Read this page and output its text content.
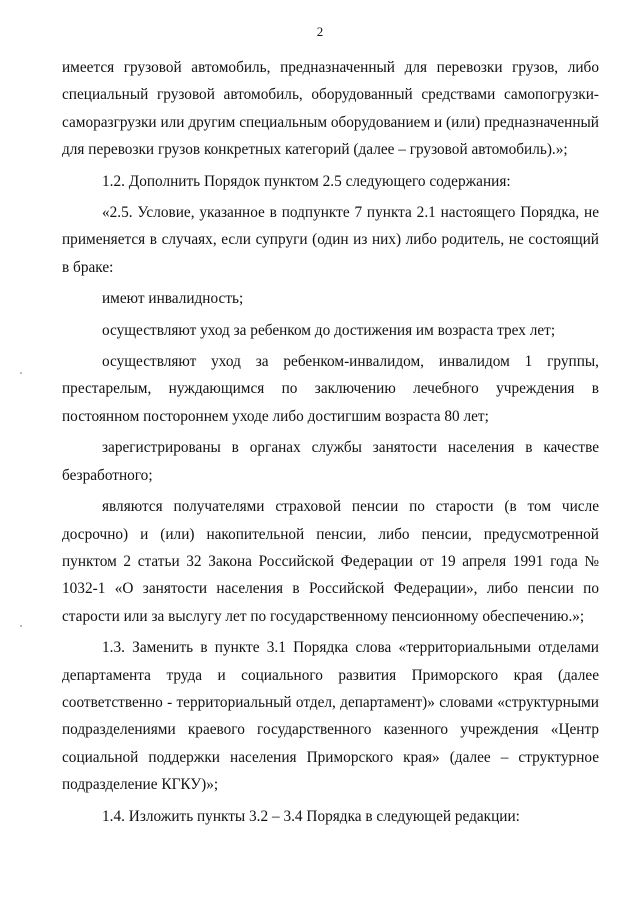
2

имеется грузовой автомобиль, предназначенный для перевозки грузов, либо специальный грузовой автомобиль, оборудованный средствами самопогрузки-саморазгрузки или другим специальным оборудованием и (или) предназначенный для перевозки грузов конкретных категорий (далее – грузовой автомобиль).»;

1.2. Дополнить Порядок пунктом 2.5 следующего содержания:

«2.5. Условие, указанное в подпункте 7 пункта 2.1 настоящего Порядка, не применяется в случаях, если супруги (один из них) либо родитель, не состоящий в браке:

имеют инвалидность;

осуществляют уход за ребенком до достижения им возраста трех лет;

осуществляют уход за ребенком-инвалидом, инвалидом 1 группы, престарелым, нуждающимся по заключению лечебного учреждения в постоянном постороннем уходе либо достигшим возраста 80 лет;

зарегистрированы в органах службы занятости населения в качестве безработного;

являются получателями страховой пенсии по старости (в том числе досрочно) и (или) накопительной пенсии, либо пенсии, предусмотренной пунктом 2 статьи 32 Закона Российской Федерации от 19 апреля 1991 года № 1032-1 «О занятости населения в Российской Федерации», либо пенсии по старости или за выслугу лет по государственному пенсионному обеспечению.»;

1.3. Заменить в пункте 3.1 Порядка слова «территориальными отделами департамента труда и социального развития Приморского края (далее соответственно - территориальный отдел, департамент)» словами «структурными подразделениями краевого государственного казенного учреждения «Центр социальной поддержки населения Приморского края» (далее – структурное подразделение КГКУ)»;

1.4. Изложить пункты 3.2 – 3.4 Порядка в следующей редакции:
